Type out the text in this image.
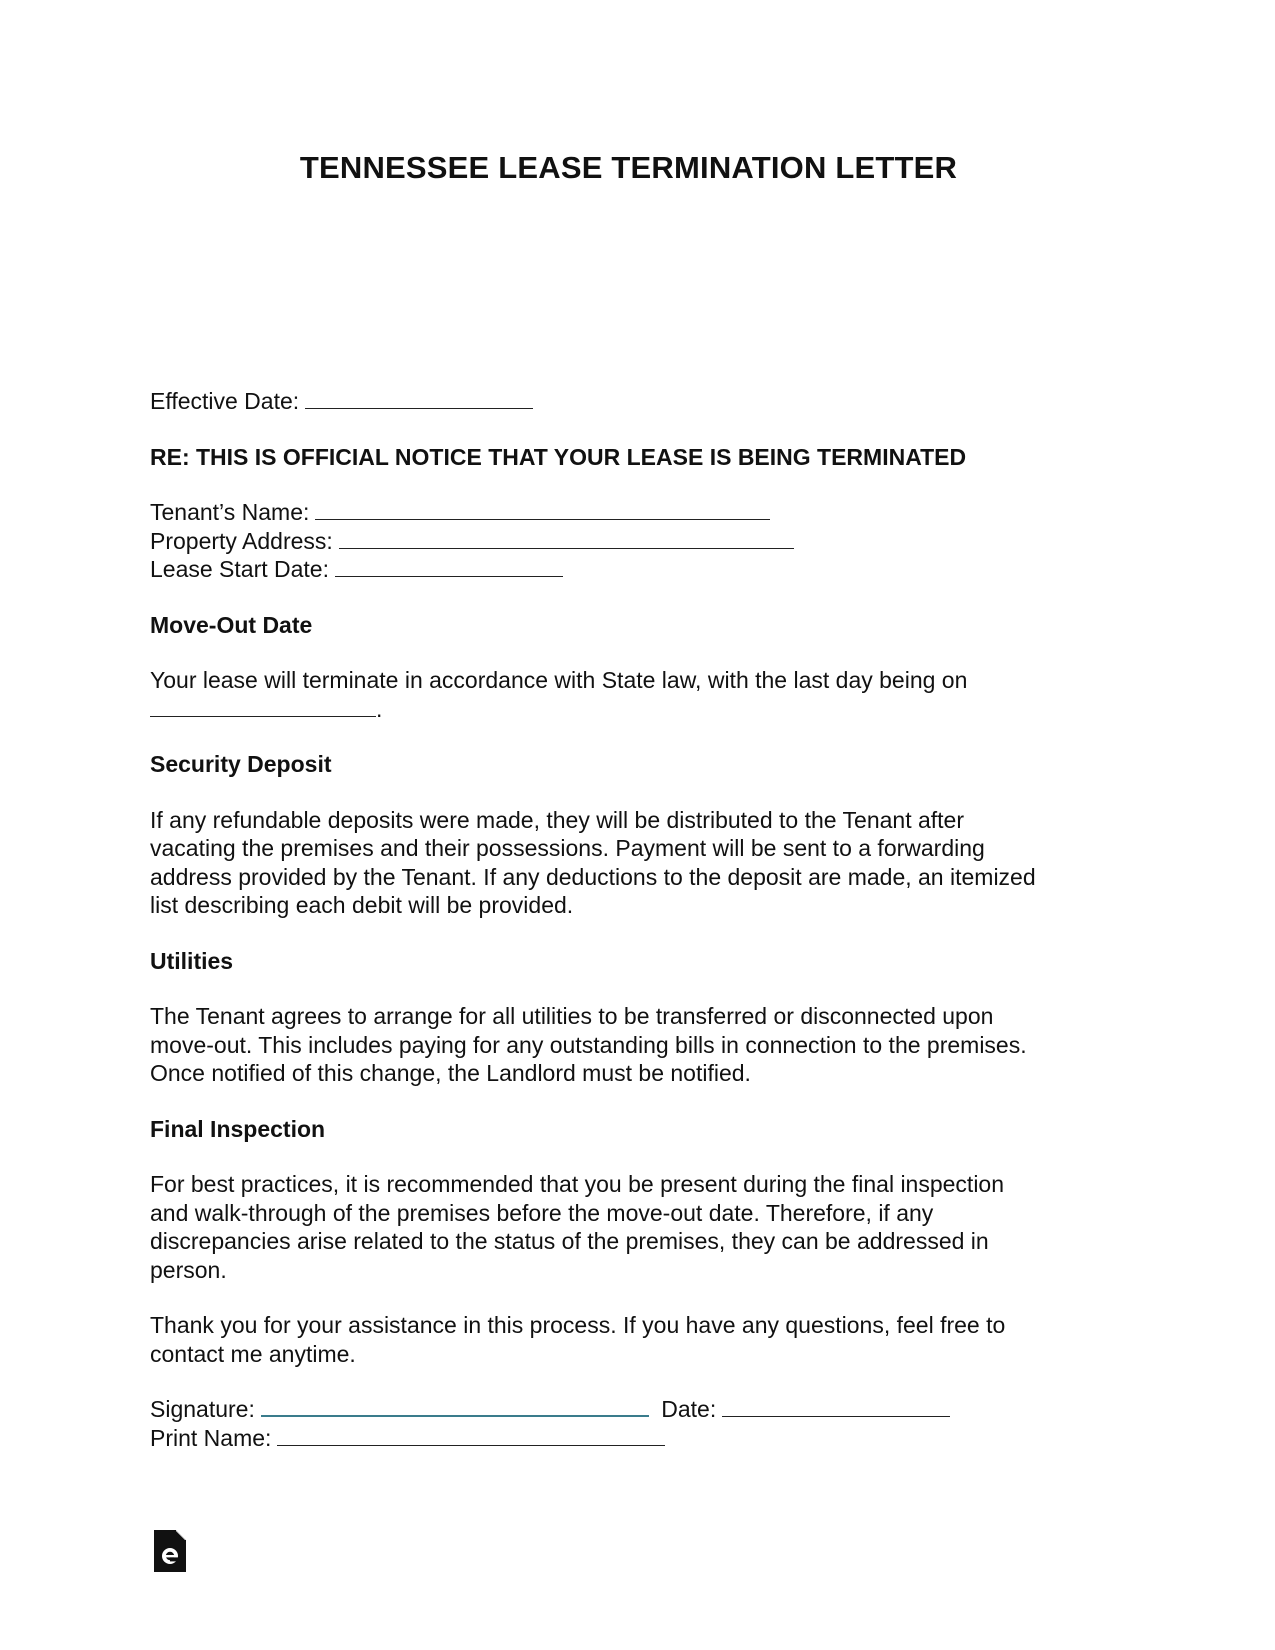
TENNESSEE LEASE TERMINATION LETTER
Effective Date:
RE: THIS IS OFFICIAL NOTICE THAT YOUR LEASE IS BEING TERMINATED
Tenant’s Name:
Property Address:
Lease Start Date:
Move-Out Date
Your lease will terminate in accordance with State law, with the last day being on
.
Security Deposit
If any refundable deposits were made, they will be distributed to the Tenant after
vacating the premises and their possessions. Payment will be sent to a forwarding
address provided by the Tenant. If any deductions to the deposit are made, an itemized
list describing each debit will be provided.
Utilities
The Tenant agrees to arrange for all utilities to be transferred or disconnected upon
move-out. This includes paying for any outstanding bills in connection to the premises.
Once notified of this change, the Landlord must be notified.
Final Inspection
For best practices, it is recommended that you be present during the final inspection
and walk-through of the premises before the move-out date. Therefore, if any
discrepancies arise related to the status of the premises, they can be addressed in
person.
Thank you for your assistance in this process. If you have any questions, feel free to
contact me anytime.
Signature:	Date:
Print Name:
